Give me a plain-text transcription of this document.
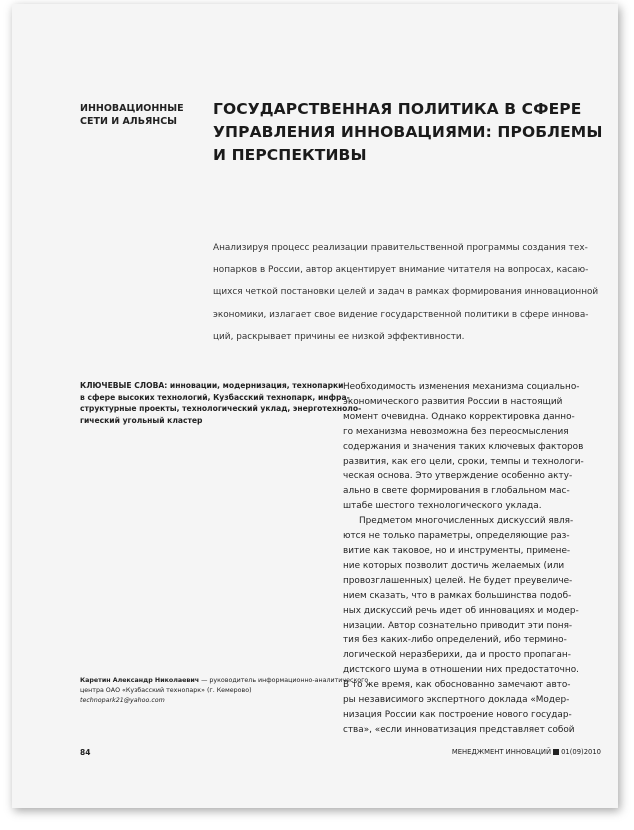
ИННОВАЦИОННЫЕ
СЕТИ И АЛЬЯНСЫ
ГОСУДАРСТВЕННАЯ ПОЛИТИКА В СФЕРЕ
УПРАВЛЕНИЯ ИННОВАЦИЯМИ: ПРОБЛЕМЫ
И ПЕРСПЕКТИВЫ
Анализируя процесс реализации правительственной программы создания тех-
нопарков в России, автор акцентирует внимание читателя на вопросах, касаю-
щихся четкой постановки целей и задач в рамках формирования инновационной
экономики, излагает свое видение государственной политики в сфере иннова-
ций, раскрывает причины ее низкой эффективности.
КЛЮЧЕВЫЕ СЛОВА: инновации, модернизация, технопарки
в сфере высоких технологий, Кузбасский технопарк, инфра-
структурные проекты, технологический уклад, энерготехноло-
гический угольный кластер
Необходимость изменения механизма социально-
экономического развития России в настоящий
момент очевидна. Однако корректировка данно-
го механизма невозможна без переосмысления
содержания и значения таких ключевых факторов
развития, как его цели, сроки, темпы и технологи-
ческая основа. Это утверждение особенно акту-
ально в свете формирования в глобальном мас-
штабе шестого технологического уклада.
Предметом многочисленных дискуссий явля-
ются не только параметры, определяющие раз-
витие как таковое, но и инструменты, примене-
ние которых позволит достичь желаемых (или
провозглашенных) целей. Не будет преувеличе-
нием сказать, что в рамках большинства подоб-
ных дискуссий речь идет об инновациях и модер-
низации. Автор сознательно приводит эти поня-
тия без каких-либо определений, ибо термино-
логической неразберихи, да и просто пропаган-
дистского шума в отношении них предостаточно.
В то же время, как обоснованно замечают авто-
ры независимого экспертного доклада «Модер-
низация России как построение нового государ-
ства», «если инноватизация представляет собой
Каретин Александр Николаевич — руководитель информационно-аналитического
центра ОАО «Кузбасский технопарк» (г. Кемерово)
technopark21@yahoo.com
84	МЕНЕДЖМЕНТ ИННОВАЦИЙ 01(09)2010
